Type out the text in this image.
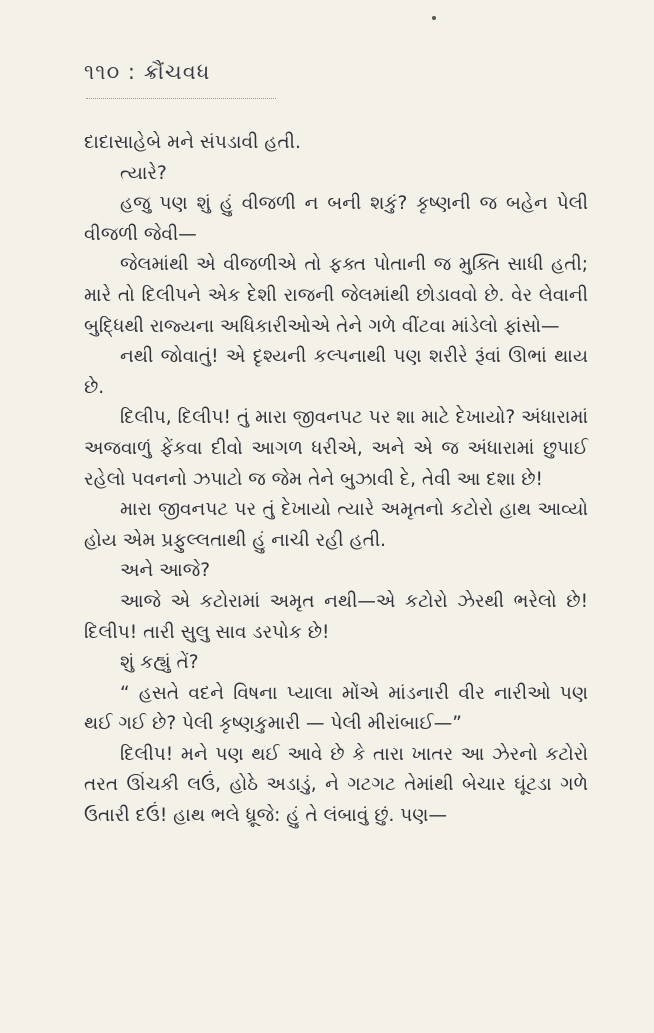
૧૧૦ : ક્રૌંચવધ

દાદાસાહેબે મને સંપડાવી હતી.

ત્યારે?

હજુ પણ શું હું વીજળી ન બની શકું? કૃષ્ણની જ બહેન પેલી વીજળી જેવી—

જેલમાંથી એ વીજળીએ તો ફક્ત પોતાની જ મુક્તિ સાધી હતી; મારે તો દિલીપને એક દેશી રાજની જેલમાંથી છોડાવવો છે. વેર લેવાની બુદ્ધિથી રાજ્યના અધિકારીઓએ તેને ગળે વીંટવા માંડેલો ફાંસો—

નથી જોવાતું! એ દૃશ્યની કલ્પનાથી પણ શરીરે રૂંવાં ઊભાં થાય છે.

દિલીપ, દિલીપ! તું મારા જીવનપટ પર શા માટે દેખાયો? અંધારામાં અજવાળું ફેંકવા દીવો આગળ ધરીએ, અને એ જ અંધારામાં છુપાઈ રહેલો પવનનો ઝપાટો જ જેમ તેને બુઝાવી દે, તેવી આ દશા છે!

મારા જીવનપટ પર તું દેખાયો ત્યારે અમૃતનો કટોરો હાથ આવ્યો હોય એમ પ્રફુલ્લતાથી હું નાચી રહી હતી.

અને આજે?

આજે એ કટોરામાં અમૃત નથી—એ કટોરો ઝેરથી ભરેલો છે! દિલીપ! તારી સુલુ સાવ ડરપોક છે!

શું કહ્યું તેં?

“ હસતે વદને વિષના પ્યાલા મોંએ માંડનારી વીર નારીઓ પણ થઈ ગઈ છે? પેલી કૃષ્ણકુમારી — પેલી મીરાંબાઈ—”

દિલીપ! મને પણ થઈ આવે છે કે તારા ખાતર આ ઝેરનો કટોરો તરત ઊંચકી લઉં, હોઠે અડાડું, ને ગટગટ તેમાંથી બેચાર ઘૂંટડા ગળે ઉતારી દઉં! હાથ ભલે ધ્રૂજે: હું તે લંબાવું છું. પણ—
